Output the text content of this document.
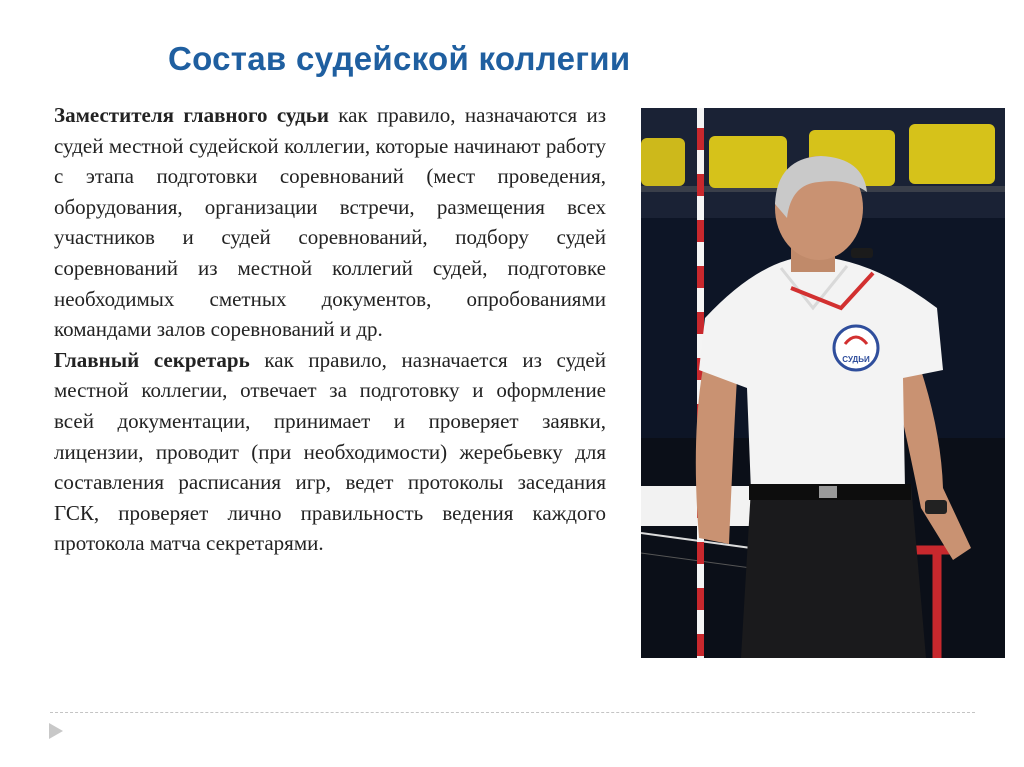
Состав судейской коллегии

Заместителя главного судьи как правило, назначаются из судей местной судейской коллегии, которые начинают работу с этапа подготовки соревнований (мест проведения, оборудования, организации встречи, размещения всех участников и судей соревнований, подбору судей соревнований из местной коллегий судей, подготовке необходимых сметных документов, опробованиями командами залов соревнований и др.

Главный секретарь как правило, назначается из судей местной коллегии, отвечает за подготовку и оформление всей документации, принимает и проверяет заявки, лицензии, проводит (при необходимости) жеребьевку для составления расписания игр, ведет протоколы заседания ГСК, проверяет лично правильность ведения каждого протокола матча секретарями.

СУДЬИ
